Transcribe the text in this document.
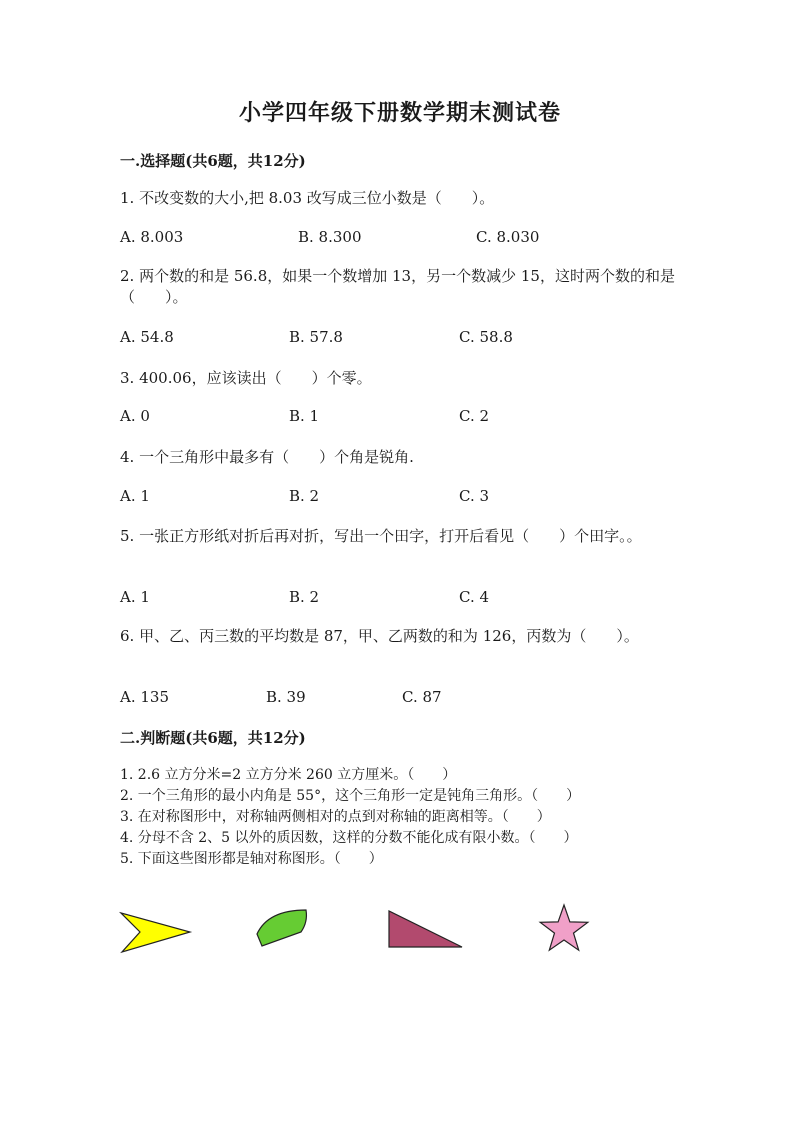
小学四年级下册数学期末测试卷
一.选择题(共6题，共12分)
1. 不改变数的大小,把 8.03 改写成三位小数是（　　）。
A. 8.003	B. 8.300	C. 8.030
2. 两个数的和是 56.8，如果一个数增加 13，另一个数减少 15，这时两个数的和是（　　）。
A. 54.8	B. 57.8	C. 58.8
3. 400.06，应该读出（　　）个零。
A. 0	B. 1	C. 2
4. 一个三角形中最多有（　　）个角是锐角.
A. 1	B. 2	C. 3
5. 一张正方形纸对折后再对折，写出一个田字，打开后看见（　　）个田字。。
A. 1	B. 2	C. 4
6. 甲、乙、丙三数的平均数是 87，甲、乙两数的和为 126，丙数为（　　）。
A. 135	B. 39	C. 87
二.判断题(共6题，共12分)
1. 2.6 立方分米=2 立方分米 260 立方厘米。（　　）
2. 一个三角形的最小内角是 55°，这个三角形一定是钝角三角形。（　　）
3. 在对称图形中，对称轴两侧相对的点到对称轴的距离相等。（　　）
4. 分母不含 2、5 以外的质因数，这样的分数不能化成有限小数。（　　）
5. 下面这些图形都是轴对称图形。（　　）
